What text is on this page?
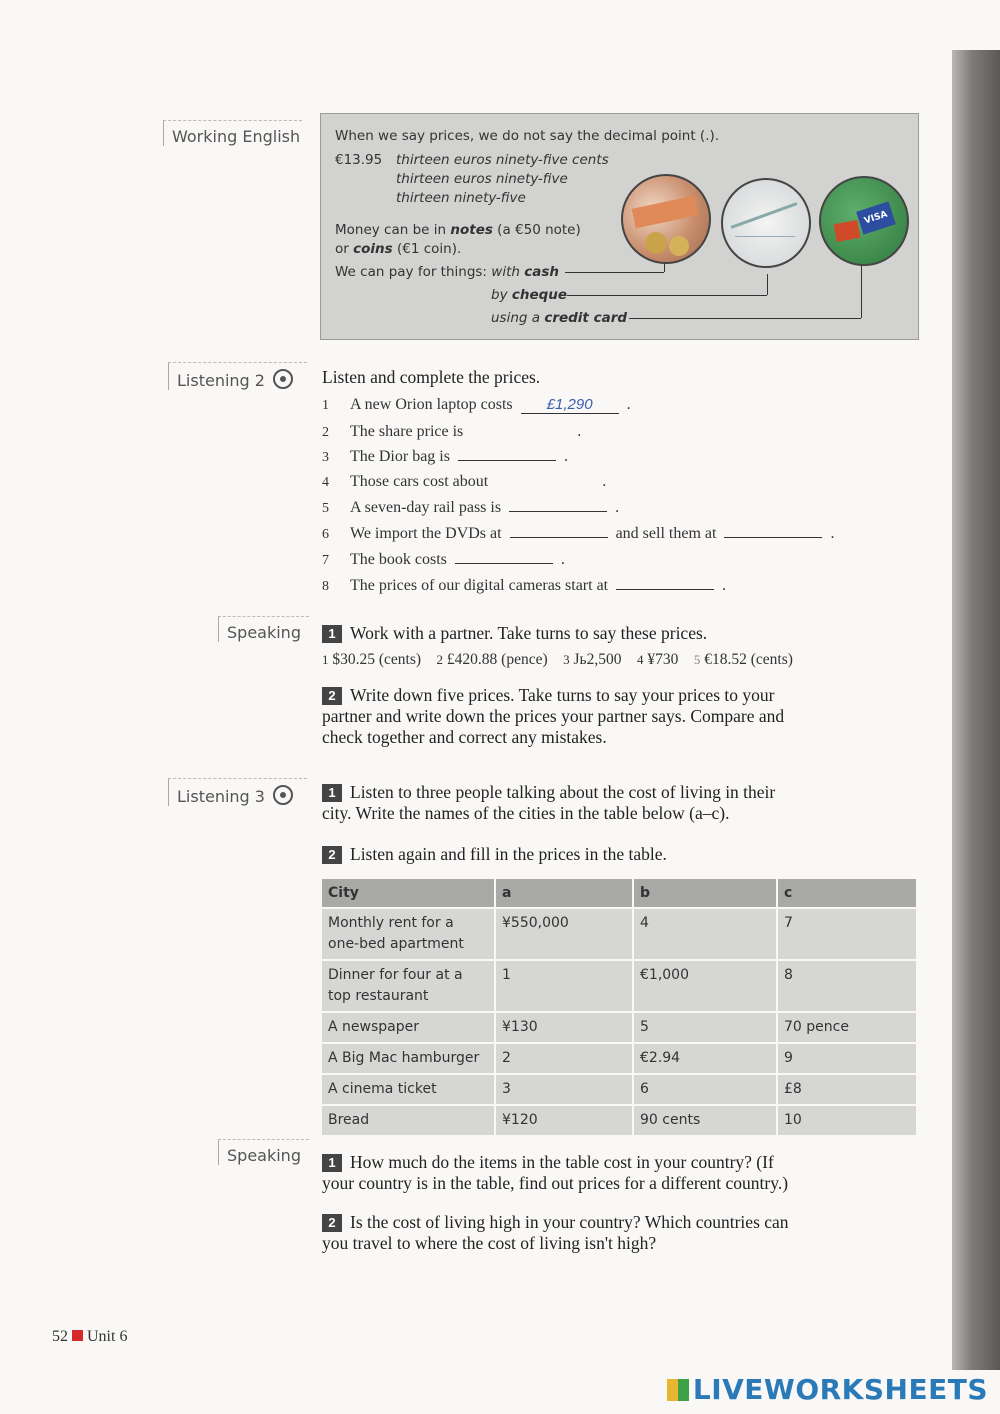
Working English	When we say prices, we do not say the decimal point (.).
€13.95 thirteen euros ninety-five cents
thirteen euros ninety-five
thirteen ninety-five
Money can be in notes (a €50 note)
or coins (€1 coin).
We can pay for things: with cash
by cheque
using a credit card
VISA
Listening 2	Listen and complete the prices.
1 A new Orion laptop costs £1,290 .
2 The share price is	.
3 The Dior bag is	.
4 Those cars cost about	.
5 A seven-day rail pass is	.
6 We import the DVDs at	and sell them at	.
7 The book costs	.
8 The prices of our digital cameras start at	.
Speaking	1 Work with a partner. Take turns to say these prices.
1 $30.25 (cents) 2 £420.88 (pence) 3 Jь2,500 4 ¥730 5 €18.52 (cents)
2 Write down five prices. Take turns to say your prices to your
partner and write down the prices your partner says. Compare and
check together and correct any mistakes.
Listening 3	1 Listen to three people talking about the cost of living in their
city. Write the names of the cities in the table below (a–c).
2 Listen again and fill in the prices in the table.
City	a	b	c
Monthly rent for a one-bed apartment	¥550,000	4	7
Dinner for four at a top restaurant	1	€1,000	8
A newspaper	¥130	5	70 pence
A Big Mac hamburger	2	€2.94	9
A cinema ticket	3	6	£8
Bread	¥120	90 cents	10
Speaking	1 How much do the items in the table cost in your country? (If
your country is in the table, find out prices for a different country.)
2 Is the cost of living high in your country? Which countries can
you travel to where the cost of living isn't high?
52 Unit 6
LIVEWORKSHEETS
